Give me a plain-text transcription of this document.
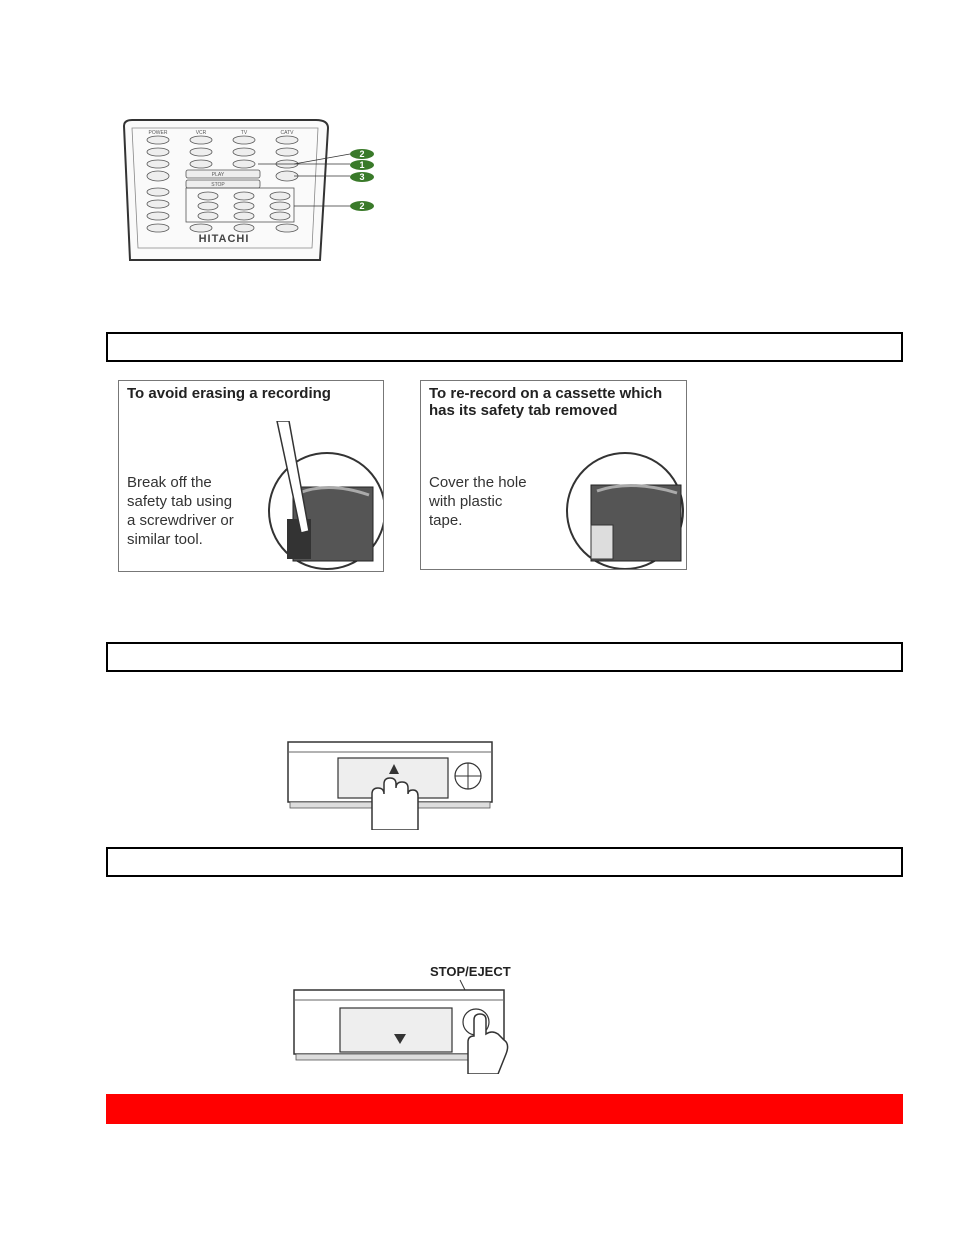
POWER	VCR	TV	CATV
PLAY
STOP
HITACHI
2
1
3
2
To avoid erasing a recording
Break off the
safety tab using
a screwdriver or
similar tool.
To re-record on a cassette which
has its safety tab removed
Cover the hole
with plastic
tape.
STOP/EJECT
